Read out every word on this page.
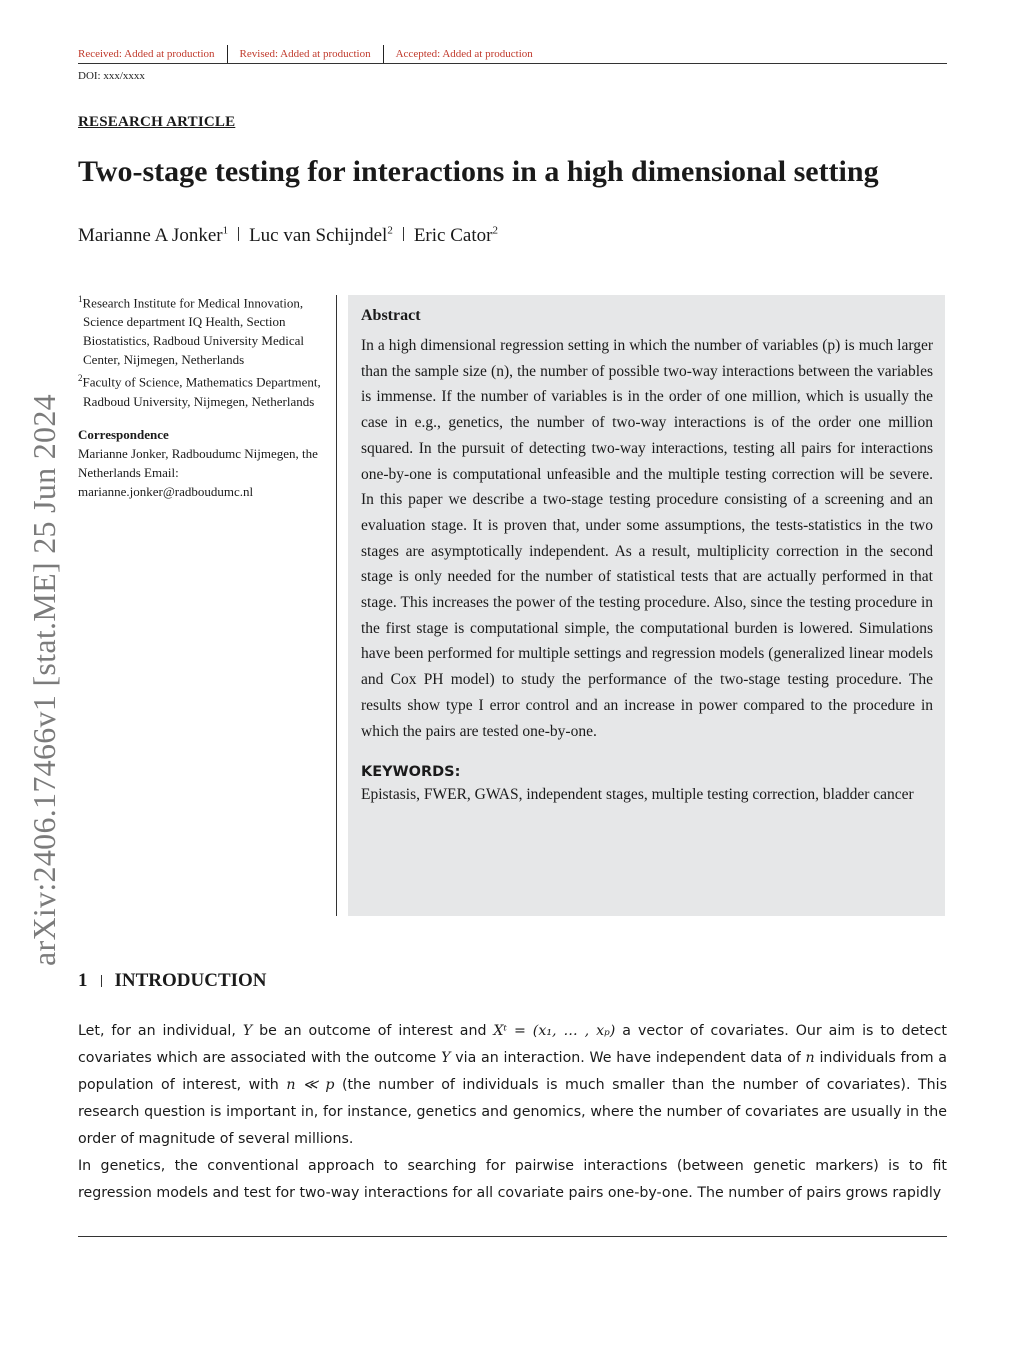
Received: Added at production	Revised: Added at production	Accepted: Added at production
DOI: xxx/xxxx
arXiv:2406.17466v1 [stat.ME] 25 Jun 2024
RESEARCH ARTICLE
Two-stage testing for interactions in a high dimensional setting
Marianne A Jonker$^1$ Luc van Schijndel$^2$ Eric Cator$^2$
$^1$Research Institute for Medical Innovation, Science department IQ Health, Section Biostatistics, Radboud University Medical Center, Nijmegen, Netherlands
$^2$Faculty of Science, Mathematics Department, Radboud University, Nijmegen, Netherlands
Correspondence
Marianne Jonker, Radboudumc Nijmegen, the Netherlands Email: marianne.jonker@radboudumc.nl
Abstract

In a high dimensional regression setting in which the number of variables (p) is much larger than the sample size (n), the number of possible two-way interactions between the variables is immense. If the number of variables is in the order of one million, which is usually the case in e.g., genetics, the number of two-way interactions is of the order one million squared. In the pursuit of detecting two-way interactions, testing all pairs for interactions one-by-one is computational unfeasible and the multiple testing correction will be severe. In this paper we describe a two-stage testing procedure consisting of a screening and an evaluation stage. It is proven that, under some assumptions, the tests-statistics in the two stages are asymptotically independent. As a result, multiplicity correction in the second stage is only needed for the number of statistical tests that are actually performed in that stage. This increases the power of the testing procedure. Also, since the testing procedure in the first stage is computational simple, the computational burden is lowered. Simulations have been performed for multiple settings and regression models (generalized linear models and Cox PH model) to study the performance of the two-stage testing procedure. The results show type I error control and an increase in power compared to the procedure in which the pairs are tested one-by-one.

KEYWORDS:

Epistasis, FWER, GWAS, independent stages, multiple testing correction, bladder cancer

1 INTRODUCTION

Let, for an individual, Y be an outcome of interest and Xᵗ = (x₁, … , xₚ) a vector of covariates. Our aim is to detect covariates which are associated with the outcome Y via an interaction. We have independent data of n individuals from a population of interest, with n ≪ p (the number of individuals is much smaller than the number of covariates). This research question is important in, for instance, genetics and genomics, where the number of covariates are usually in the order of magnitude of several millions.

In genetics, the conventional approach to searching for pairwise interactions (between genetic markers) is to fit regression models and test for two-way interactions for all covariate pairs one-by-one. The number of pairs grows rapidly
